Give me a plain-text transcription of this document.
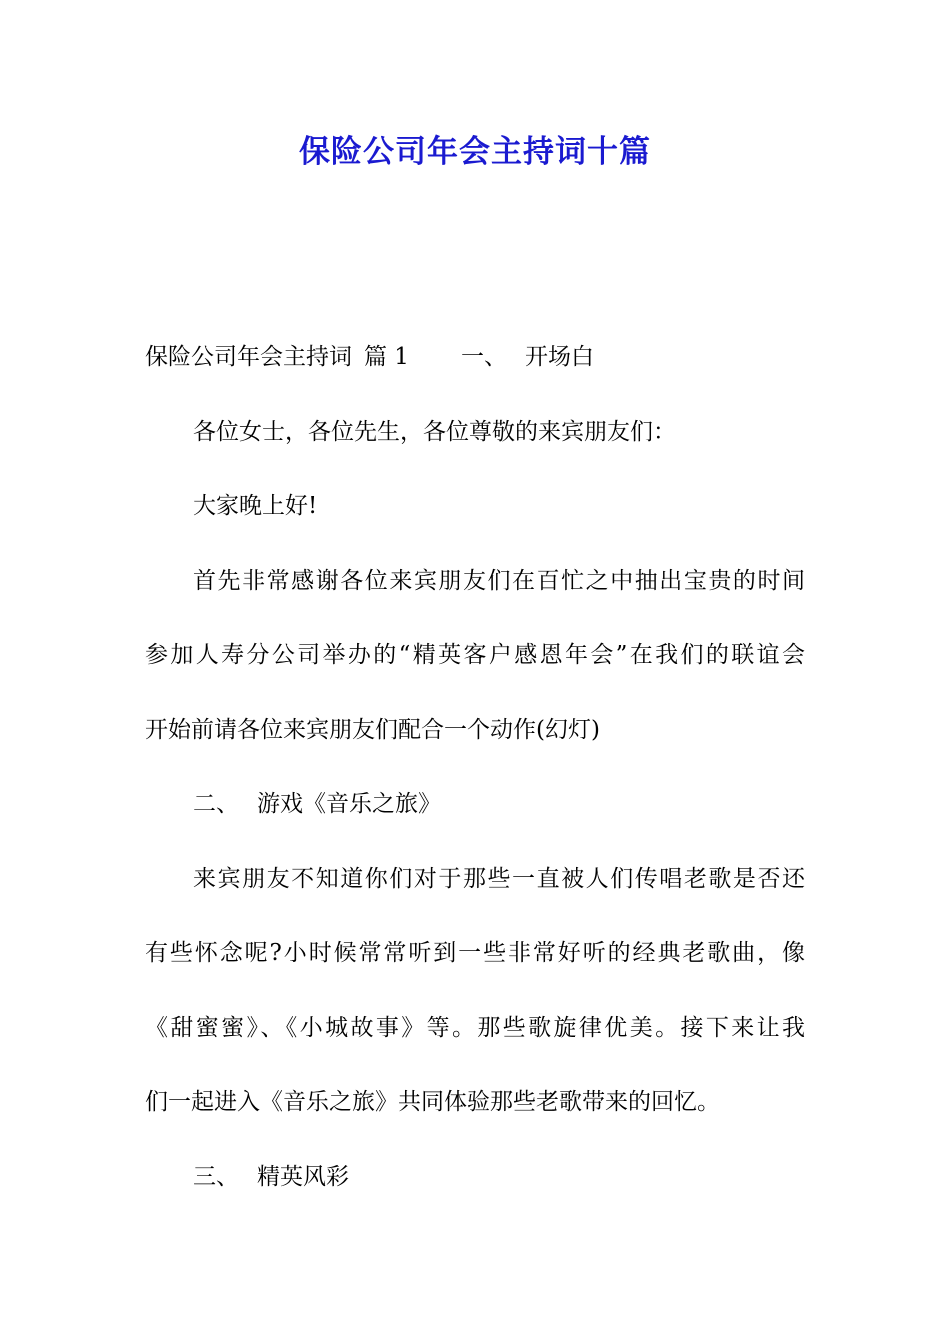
保险公司年会主持词十篇

保险公司年会主持词 篇 1 一、 开场白

各位女士，各位先生，各位尊敬的来宾朋友们：

大家晚上好!

首先非常感谢各位来宾朋友们在百忙之中抽出宝贵的时间

参加人寿分公司举办的“精英客户感恩年会”在我们的联谊会

开始前请各位来宾朋友们配合一个动作(幻灯)

二、 游戏《音乐之旅》

来宾朋友不知道你们对于那些一直被人们传唱老歌是否还

有些怀念呢?小时候常常听到一些非常好听的经典老歌曲，像

《甜蜜蜜》、《小城故事》等。那些歌旋律优美。接下来让我

们一起进入《音乐之旅》共同体验那些老歌带来的回忆。

三、 精英风彩
